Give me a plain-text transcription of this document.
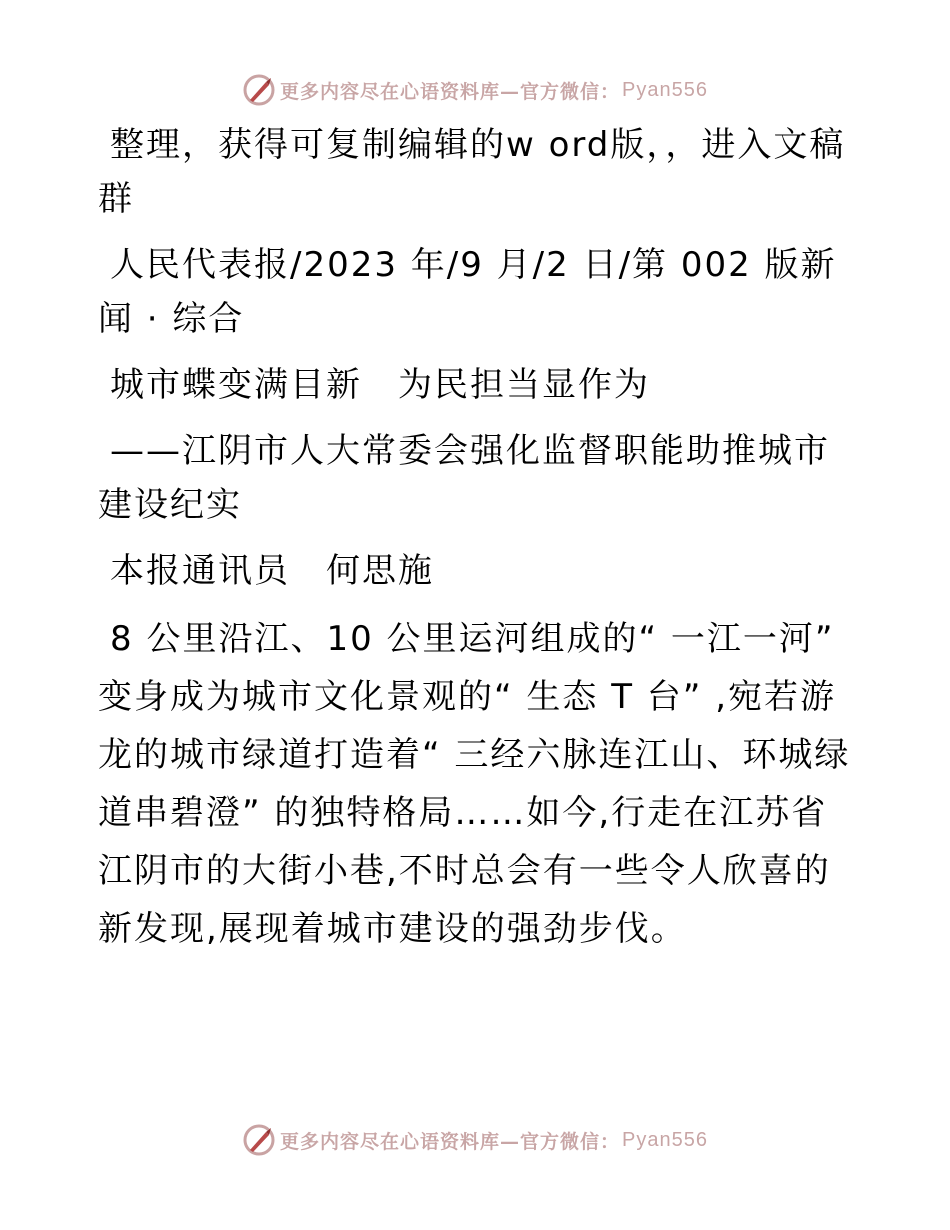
更多内容尽在心语资料库—官方微信： Pyan556

整理，获得可复制编辑的w ord版，，进入文稿群

人民代表报/2023 年/9 月/2 日/第 002 版新闻 · 综合

城市蝶变满目新　为民担当显作为

——江阴市人大常委会强化监督职能助推城市建设纪实

本报通讯员　何思施

8 公里沿江、10 公里运河组成的“ 一江一河” 变身成为城市文化景观的“ 生态 T 台” ,宛若游龙的城市绿道打造着“ 三经六脉连江山、环城绿道串碧澄” 的独特格局……如今,行走在江苏省江阴市的大街小巷,不时总会有一些令人欣喜的新发现,展现着城市建设的强劲步伐。

更多内容尽在心语资料库—官方微信： Pyan556
